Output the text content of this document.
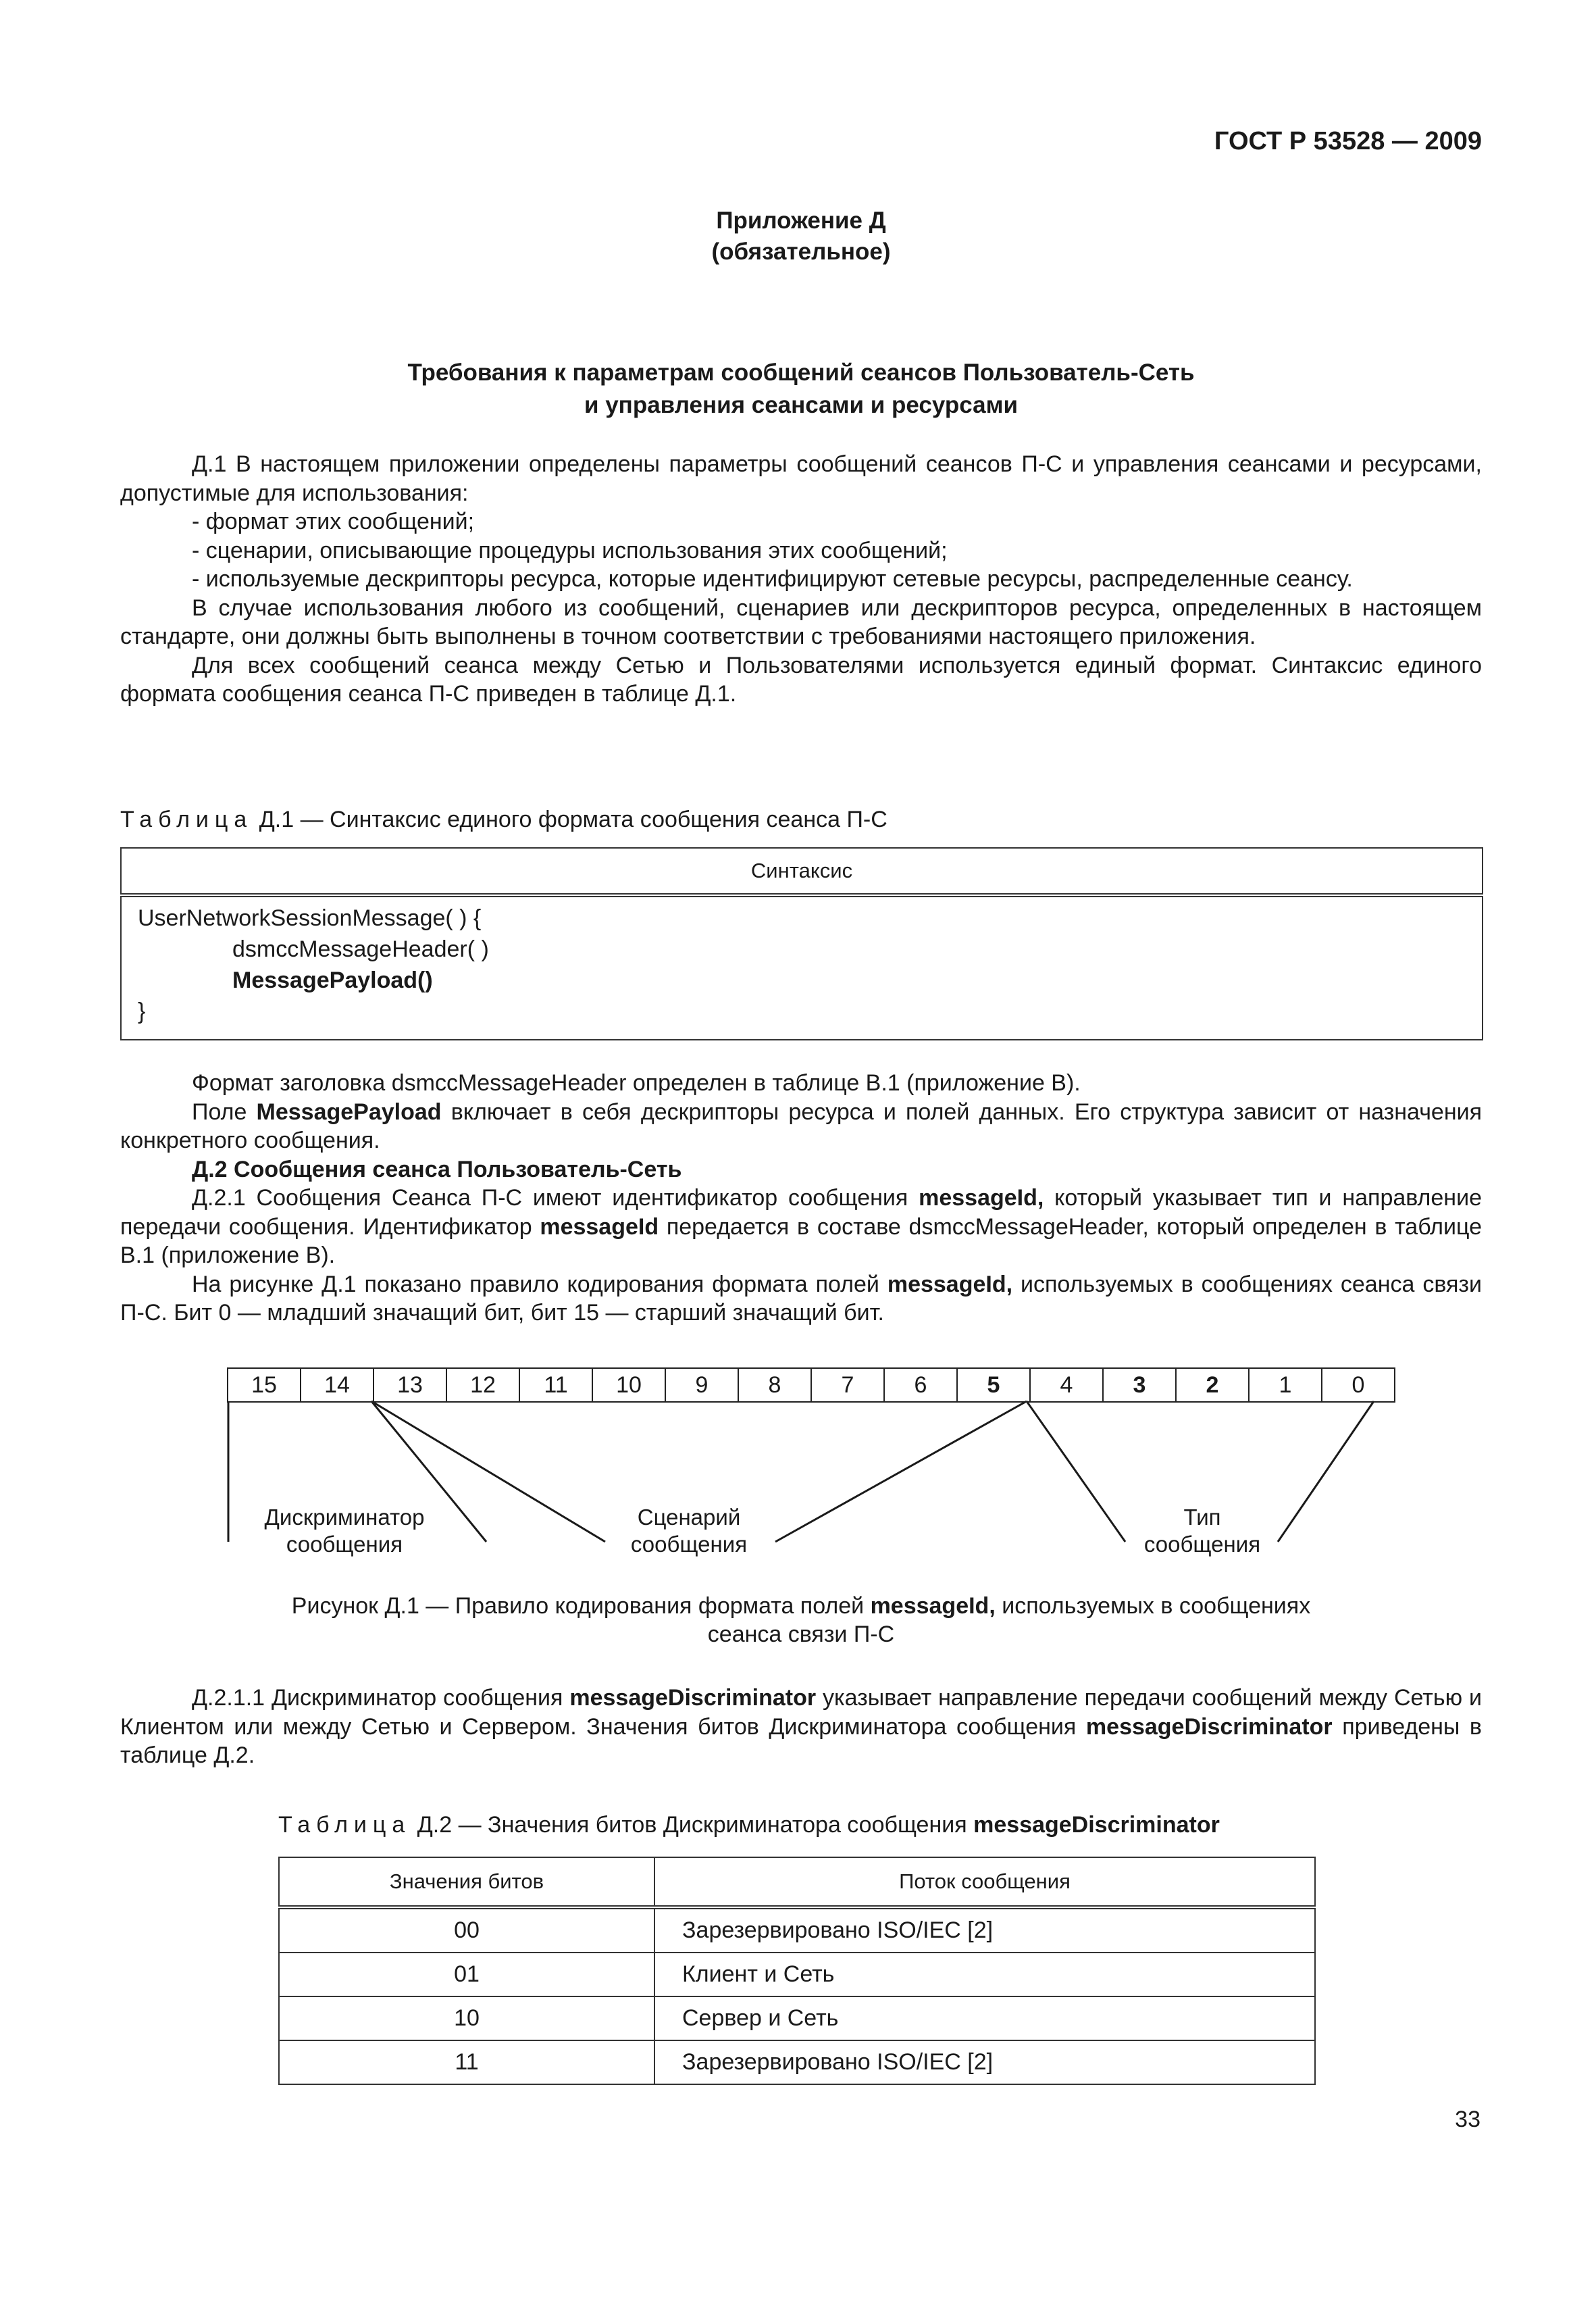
ГОСТ Р 53528 — 2009
Приложение Д
(обязательное)
Требования к параметрам сообщений сеансов Пользователь-Сеть
и управления сеансами и ресурсами

Д.1 В настоящем приложении определены параметры сообщений сеансов П-С и управления сеансами и ресурсами, допустимые для использования:

- формат этих сообщений;

- сценарии, описывающие процедуры использования этих сообщений;

- используемые дескрипторы ресурса, которые идентифицируют сетевые ресурсы, распределенные сеансу.

В случае использования любого из сообщений, сценариев или дескрипторов ресурса, определенных в настоящем стандарте, они должны быть выполнены в точном соответствии с требованиями настоящего приложения.

Для всех сообщений сеанса между Сетью и Пользователями используется единый формат. Синтаксис единого формата сообщения сеанса П-С приведен в таблице Д.1.

Таблица Д.1 — Синтаксис единого формата сообщения сеанса П-С
Синтаксис

UserNetworkSessionMessage( ) {
dsmccMessageHeader( )
MessagePayload()
}

Формат заголовка dsmccMessageHeader определен в таблице В.1 (приложение В).

Поле MessagePayload включает в себя дескрипторы ресурса и полей данных. Его структура зависит от назначения конкретного сообщения.

Д.2 Сообщения сеанса Пользователь-Сеть

Д.2.1 Сообщения Сеанса П-С имеют идентификатор сообщения messageId, который указывает тип и направление передачи сообщения. Идентификатор messageId передается в составе dsmccMessageHeader, который определен в таблице В.1 (приложение В).

На рисунке Д.1 показано правило кодирования формата полей messageId, используемых в сообщениях сеанса связи П-С. Бит 0 — младший значащий бит, бит 15 — старший значащий бит.

15	14	13	12	11	10	9	8	7	6	5	4	3	2	1	0
Дискриминатор
сообщения
Сценарий
сообщения
Тип
сообщения
Рисунок Д.1 — Правило кодирования формата полей messageId, используемых в сообщениях
сеанса связи П-С

Д.2.1.1 Дискриминатор сообщения messageDiscriminator указывает направление передачи сообщений между Сетью и Клиентом или между Сетью и Сервером. Значения битов Дискриминатора сообщения messageDiscriminator приведены в таблице Д.2.

Таблица Д.2 — Значения битов Дискриминатора сообщения messageDiscriminator
Значения битов	Поток сообщения
00	Зарезервировано ISO/IEC [2]
01	Клиент и Сеть
10	Сервер и Сеть
11	Зарезервировано ISO/IEC [2]
33
